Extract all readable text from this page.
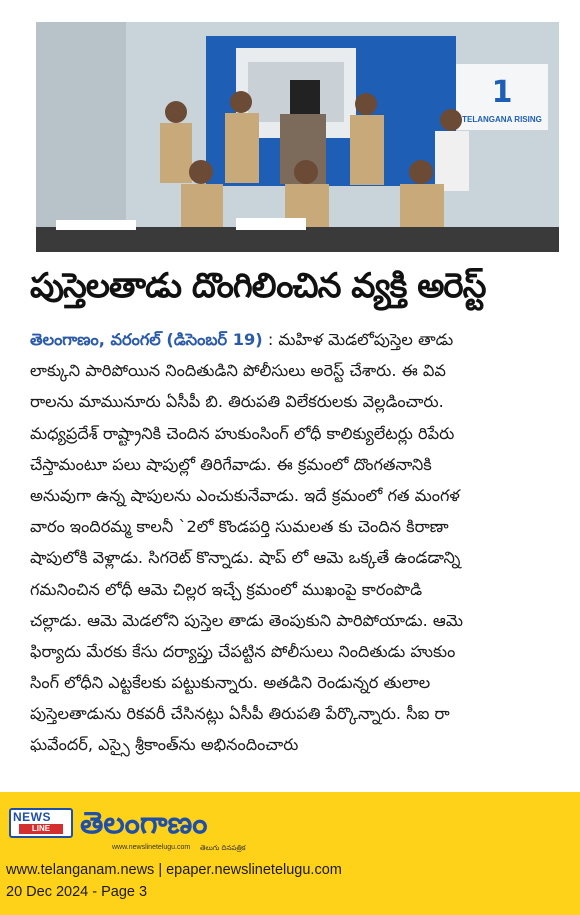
1
TELANGANA RISING
పుస్తెలతాడు దొంగిలించిన వ్యక్తి అరెస్ట్
తెలంగాణం, వరంగల్ (డిసెంబర్ 19) : మహిళ మెడలోపుస్తెల తాడు
లాక్కుని పారిపోయిన నిందితుడిని పోలీసులు అరెస్ట్ చేశారు. ఈ వివ
రాలను మామునూరు ఏసీపీ బి. తిరుపతి విలేకరులకు వెల్లడించారు.
మధ్యప్రదేశ్ రాష్ట్రానికి చెందిన హుకుంసింగ్ లోధీ కాలిక్యులేటర్లు రిపేరు
చేస్తామంటూ పలు షాపుల్లో తిరిగేవాడు. ఈ క్రమంలో దొంగతనానికి
అనువుగా ఉన్న షాపులను ఎంచుకునేవాడు. ఇదే క్రమంలో గత మంగళ
వారం ఇందిరమ్మ కాలనీ `2లో కొండపర్తి సుమలత కు చెందిన కిరాణా
షాపులోకి వెళ్లాడు. సిగరెట్ కొన్నాడు. షాప్ లో ఆమె ఒక్కతే ఉండడాన్ని
గమనించిన లోధీ ఆమె చిల్లర ఇచ్చే క్రమంలో ముఖంపై కారంపొడి
చల్లాడు. ఆమె మెడలోని పుస్తెల తాడు తెంపుకుని పారిపోయాడు. ఆమె
ఫిర్యాదు మేరకు కేసు దర్యాప్తు చేపట్టిన పోలీసులు నిందితుడు హుకుం
సింగ్ లోధీని ఎట్టకేలకు పట్టుకున్నారు. అతడిని రెండున్నర తులాల
పుస్తెలతాడును రికవరీ చేసినట్లు ఏసీపీ తిరుపతి పేర్కొన్నారు. సీఐ రా
ఘవేందర్, ఎస్సై శ్రీకాంత్‌ను అభినందించారు
NEWS
LINE తెలంగాణం
www.newslinetelugu.com తెలుగు దినపత్రిక
www.telanganam.news | epaper.newslinetelugu.com
20 Dec 2024 - Page 3
